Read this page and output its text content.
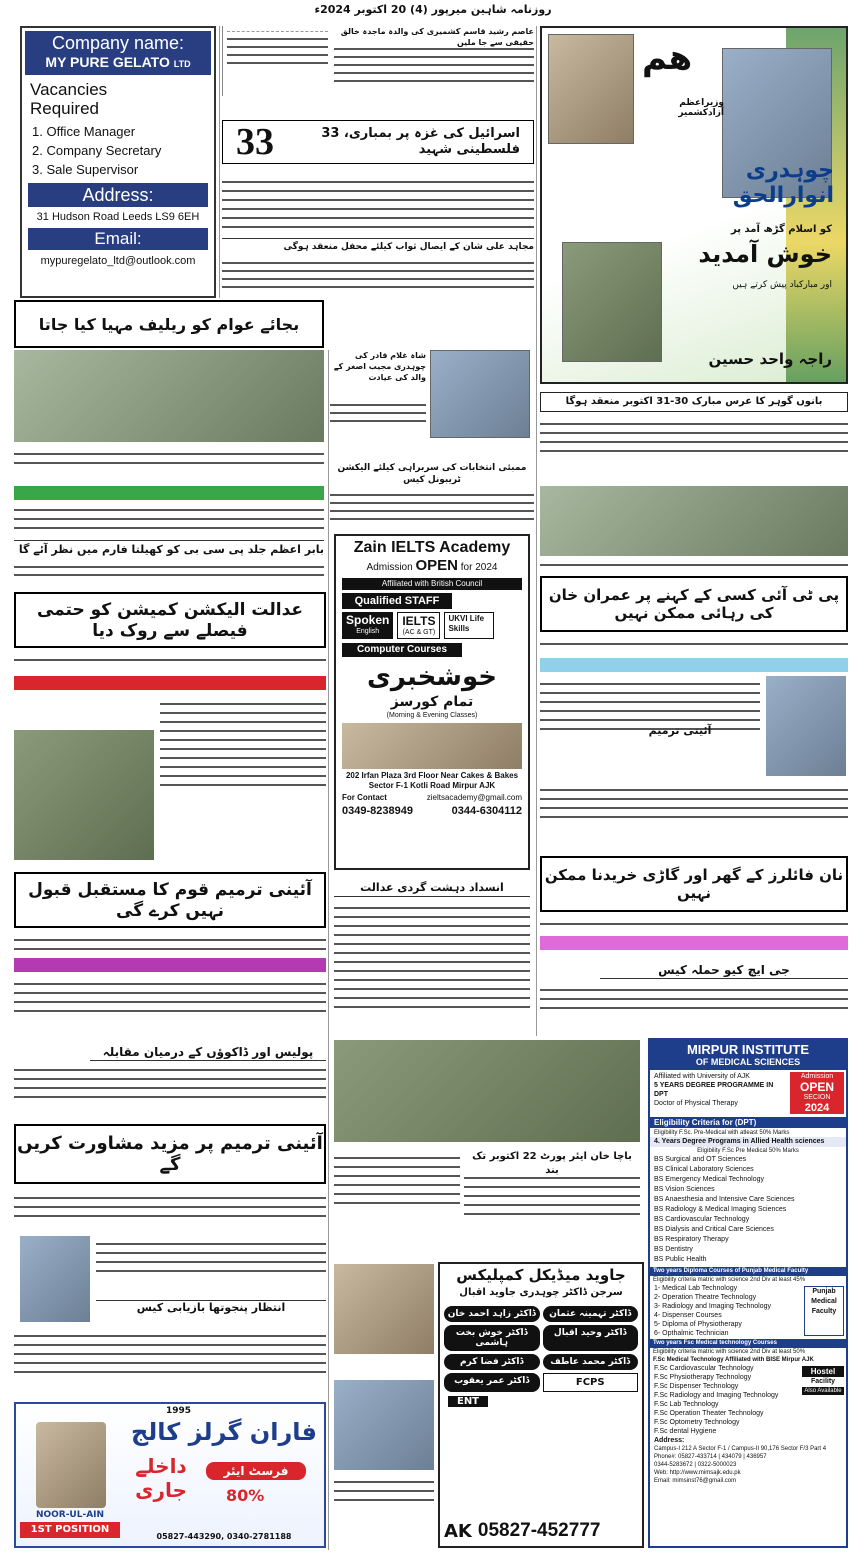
روزنامہ شاہین میرپور (4) 20 اکتوبر 2024ء
Company name:
MY PURE GELATO LTD
Vacancies Required
1. Office Manager
2. Company Secretary
3. Sale Supervisor
Address:
31 Hudson Road Leeds LS9 6EH
Email:
mypuregelato_ltd@outlook.com
عاصم رشید قاسم کشمیری کی والدہ ماجدہ خالق حقیقی سے جا ملیں
33	اسرائیل کی غزہ پر بمباری، 33 فلسطینی شہید
مجاہد علی شان کے ایصال ثواب کیلئے محفل منعقد ہوگی
ھم
وزیراعظم آزادکشمیر
چوہدری انوارالحق
کو اسلام گڑھ آمد پر
خوش آمدید
اور مبارکباد پیش کرتے ہیں
راجہ واحد حسین
بجائے عوام کو ریلیف مہیا کیا جاتا
بابر اعظم جلد پی سی بی کو کھیلتا فارم میں نظر آئے گا
شاہ غلام قادر کی چوہدری مجیب اصغر کے والد کی عیادت
ممبئی انتخابات کی سربراہی کیلئے الیکشن ٹریبونل کیس
Zain IELTS Academy
Admission OPEN for 2024
Affiliated with British Council
Qualified STAFF
Spoken
English
IELTS
(AC & GT)
UKVI Life Skills
Computer Courses
خوشخبری
تمام کورسز
(Morning & Evening Classes)
202 Irfan Plaza 3rd Floor Near Cakes & Bakes Sector F-1 Kotli Road Mirpur AJK
For Contact	zieltsacademy@gmail.com
0349-8238949	0344-6304112
عدالت الیکشن کمیشن کو حتمی فیصلے سے روک دیا
آئینی ترمیم قوم کا مستقبل قبول نہیں کرے گی
پولیس اور ڈاکوؤں کے درمیان مقابلہ
آئینی ترمیم پر مزید مشاورت کریں گے
انتظار پنجوتھا بازیابی کیس
1995
فاران گرلز کالج
NOOR-UL-AIN
1ST POSITION
فرسٹ ایئر
80%
داخلے جاری
05827-443290, 0340-2781188
انسداد دہشت گردی عدالت
باچا خان ایئر پورٹ 22 اکتوبر تک بند
جاوید میڈیکل کمپلیکس
سرجن ڈاکٹر چوہدری جاوید اقبال
ڈاکٹر زاہد احمد خان	ڈاکٹر تہمینہ عثمان
ڈاکٹر خوش بخت ہاشمی
ڈاکٹر وحید اقبال
ڈاکٹر فضا کرم	ڈاکٹر محمد عاطف
ڈاکٹر عمر یعقوب	FCPS
ENT
AK 05827-452777
بانوں گوہر کا عرس مبارک 30-31 اکتوبر منعقد ہوگا
پی ٹی آئی کسی کے کہنے پر عمران خان کی رہائی ممکن نہیں
آئینی ترمیم
نان فائلرز کے گھر اور گاڑی خریدنا ممکن نہیں
جی ایچ کیو حملہ کیس
MIRPUR INSTITUTE
OF MEDICAL SCIENCES
Affiliated with University of AJK
5 YEARS DEGREE PROGRAMME IN DPT
Doctor of Physical Therapy
Admission
OPEN
SECION
2024
Eligibility Criteria for (DPT)
Eligibility F.Sc. Pre-Medical with atleast 50% Marks
4. Years Degree Programs in Allied Health sciences
Eligibility F.Sc Pre Medical 50% Marks
BS Surgical and OT Sciences
BS Clinical Laboratory Sciences
BS Emergency Medical Technology
BS Vision Sciences
BS Anaesthesia and Intensive Care Sciences
BS Radiology & Medical Imaging Sciences
BS Cardiovascular Technology
BS Dialysis and Critical Care Sciences
BS Respiratory Therapy
BS Dentistry
BS Public Health
Two years Diploma Courses of Punjab Medical Faculty
Eligibility criteria matric with science 2nd Div at least 45%
1- Medical Lab Technology
2- Operation Theatre Technology
3- Radiology and Imaging Technology
4- Dispenser Courses
5- Diploma of Physiotherapy
6- Opthalmic Technician
Punjab Medical Faculty
Two years Fsc Medical technology Courses
Eligibility criteria matric with science 2nd Div at least 50%
F.Sc Medical Technology Affiliated with BISE Mirpur AJK
F.Sc Cardiovascular Technology
F.Sc Physiotherapy Technology
F.Sc Dispenser Technology
F.Sc Radiology and Imaging Technology
F.Sc Lab Technology
F.Sc Operation Theater Technology
F.Sc Optometry Technology
F.Sc dental Hygiene
Hostel
Facility
Also Available
Address:
Campus-I 212 A Sector F-1 / Campus-II 90,176 Sector F/3 Part 4
Phone#: 05827-433714 | 434079 | 436957
0344-5283672 | 0322-5000023
Web: http://www.mimsajk.edu.pk
Email: mimsinst76@gmail.com
